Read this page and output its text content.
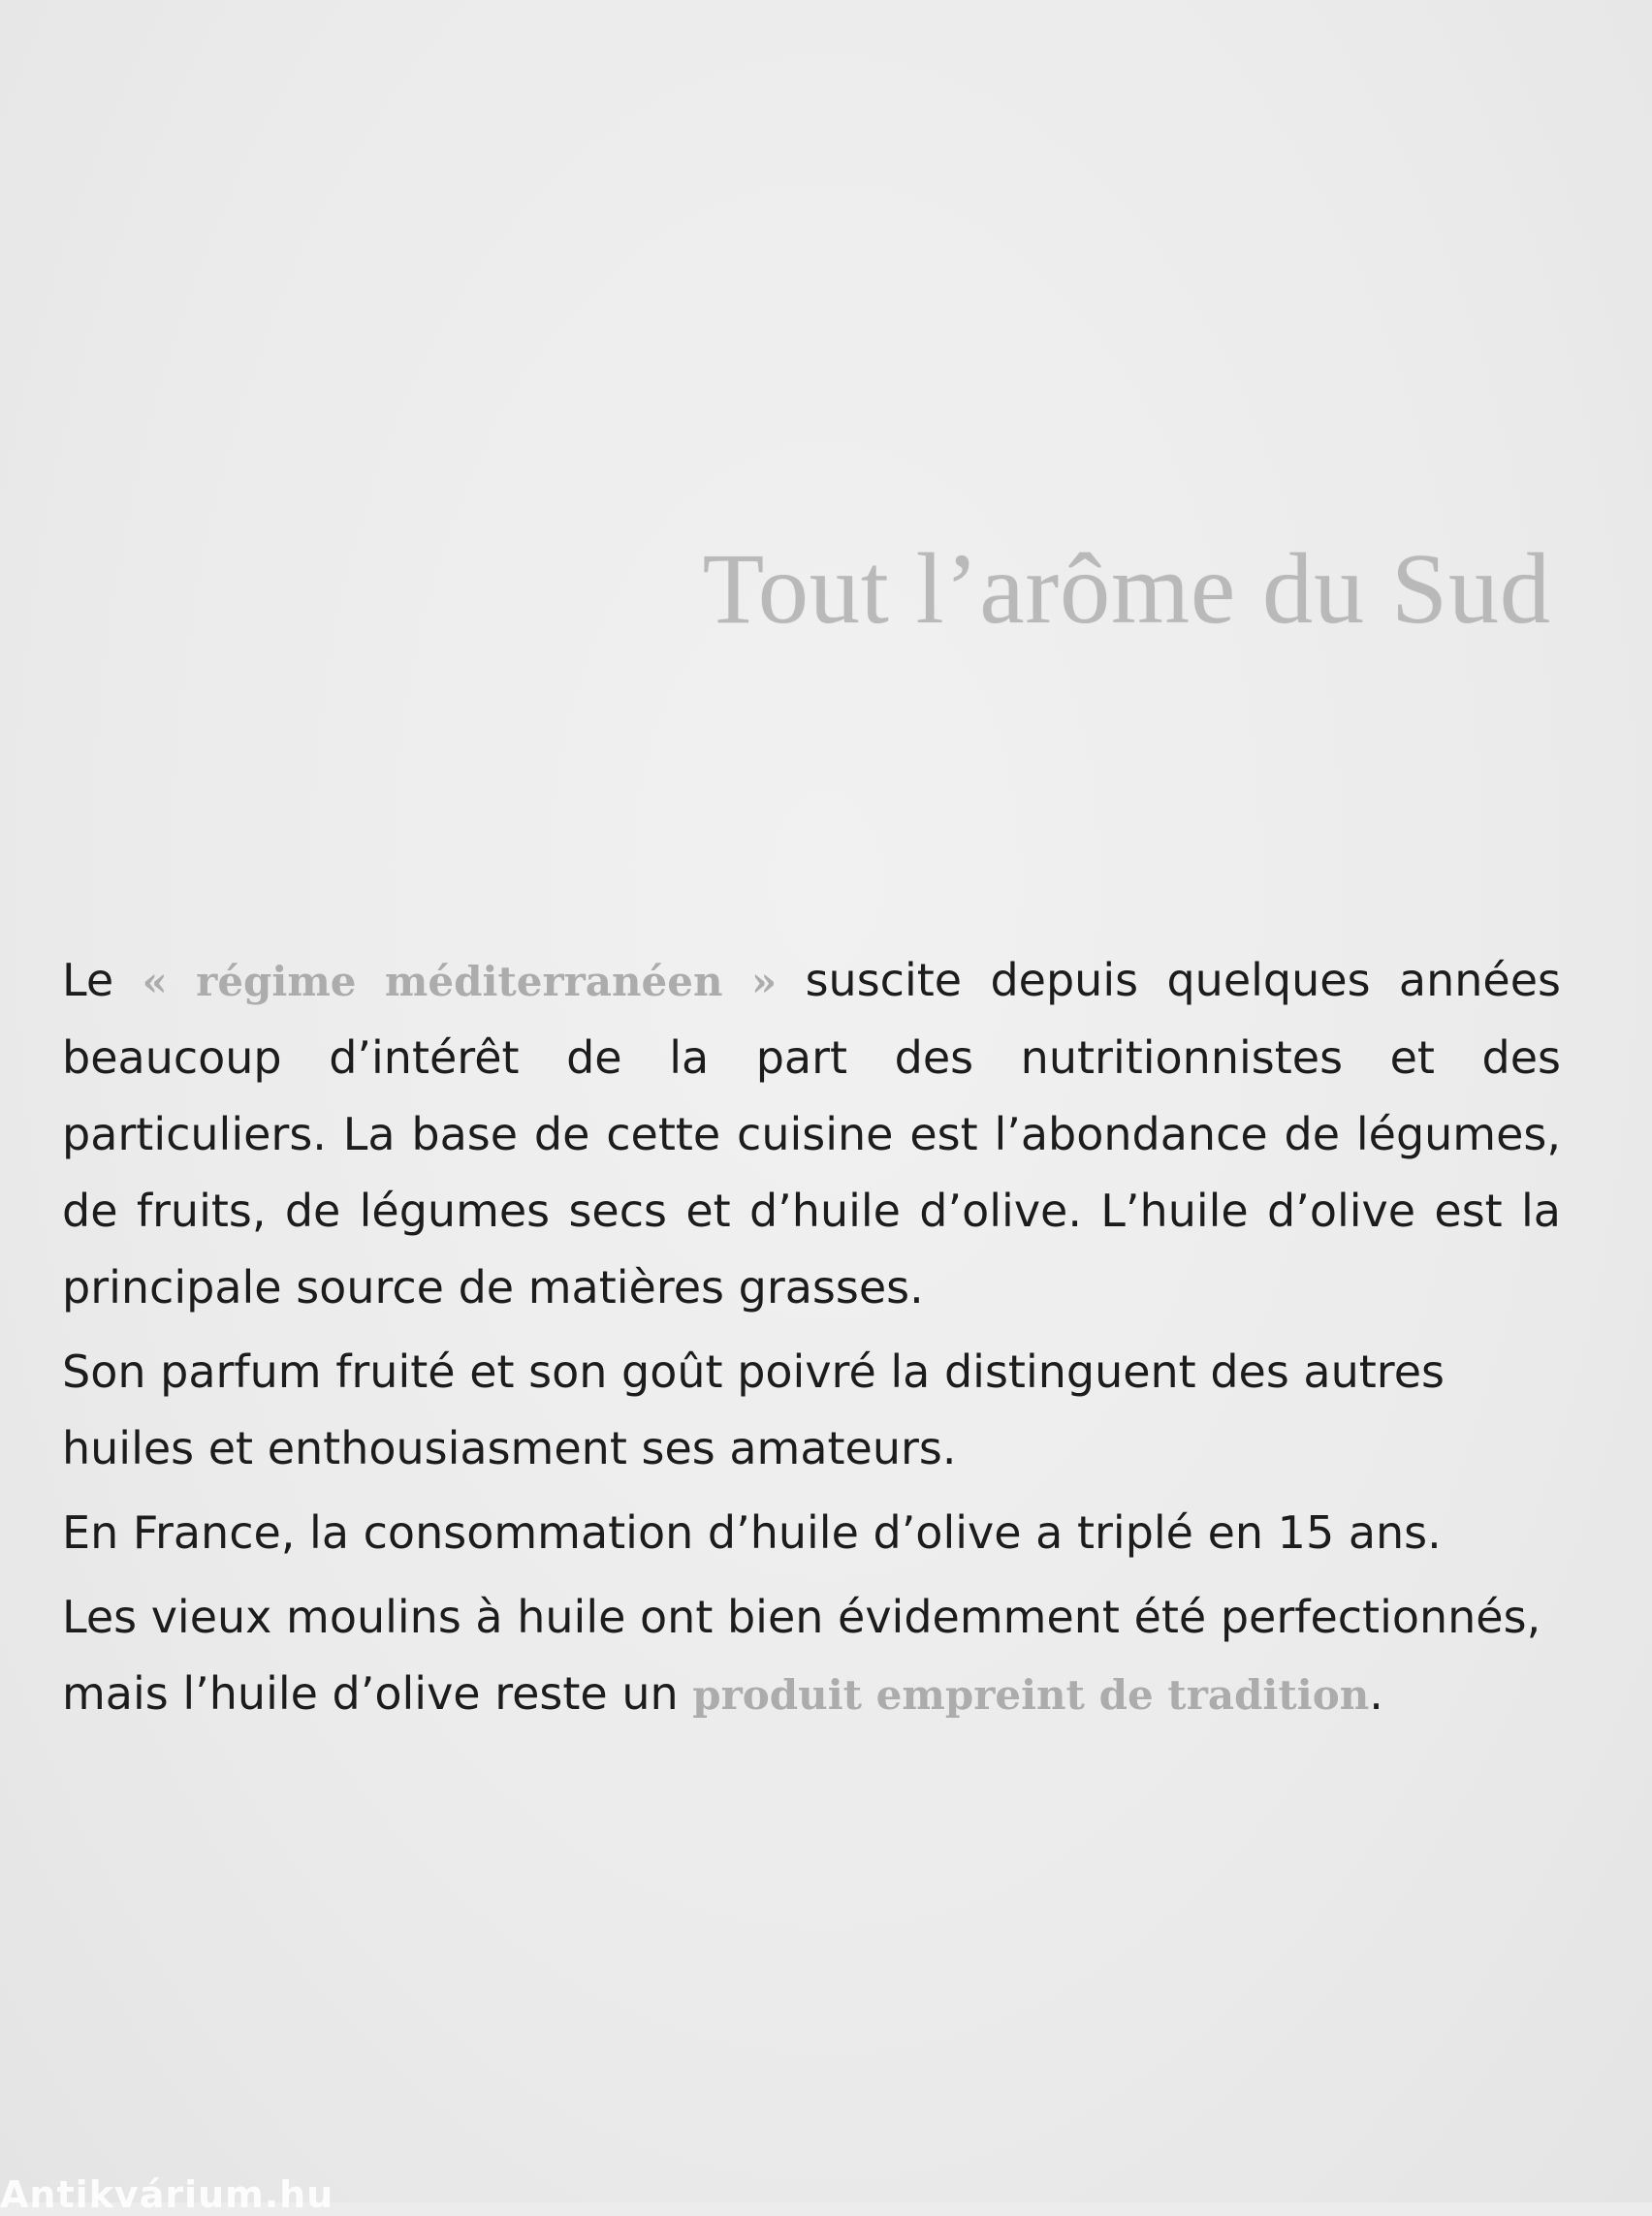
Tout l’arôme du Sud

Le « régime méditerranéen » suscite depuis quelques années beaucoup d’intérêt de la part des nutritionnistes et des particuliers. La base de cette cuisine est l’abondance de légumes, de fruits, de légumes secs et d’huile d’olive. L’huile d’olive est la principale source de matières grasses.

Son parfum fruité et son goût poivré la distinguent des autres huiles et enthousiasment ses amateurs.

En France, la consommation d’huile d’olive a triplé en 15 ans.

Les vieux moulins à huile ont bien évidemment été perfectionnés, mais l’huile d’olive reste un produit empreint de tradition.

Antikvárium.hu
